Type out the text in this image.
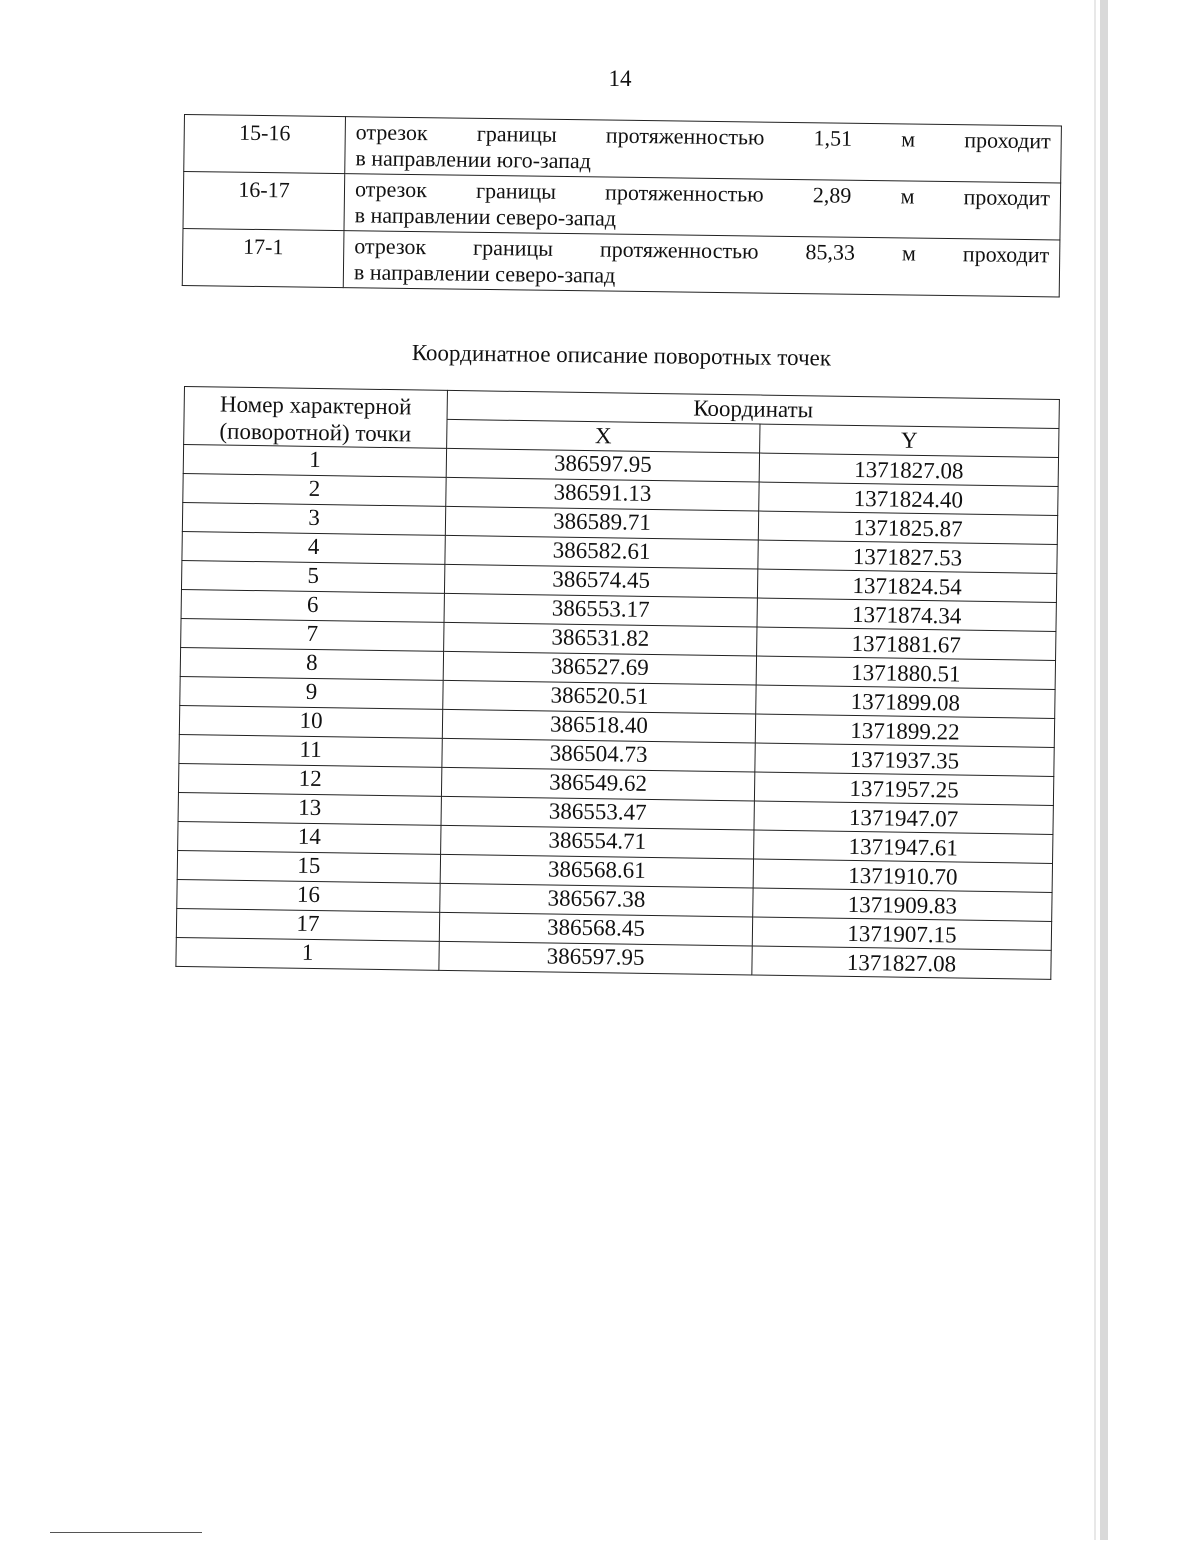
14
15-16	отрезок границы протяженностью 1,51 м проходит
в направлении юго-запад

16-17	отрезок границы протяженностью 2,89 м проходит
в направлении северо-запад

17-1	отрезок границы протяженностью 85,33 м проходит
в направлении северо-запад
Координатное описание поворотных точек
Номер характерной
(поворотной) точки	Координаты	
	X	Y
1	386597.95	1371827.08
2	386591.13	1371824.40
3	386589.71	1371825.87
4	386582.61	1371827.53
5	386574.45	1371824.54
6	386553.17	1371874.34
7	386531.82	1371881.67
8	386527.69	1371880.51
9	386520.51	1371899.08
10	386518.40	1371899.22
11	386504.73	1371937.35
12	386549.62	1371957.25
13	386553.47	1371947.07
14	386554.71	1371947.61
15	386568.61	1371910.70
16	386567.38	1371909.83
17	386568.45	1371907.15
1	386597.95	1371827.08
